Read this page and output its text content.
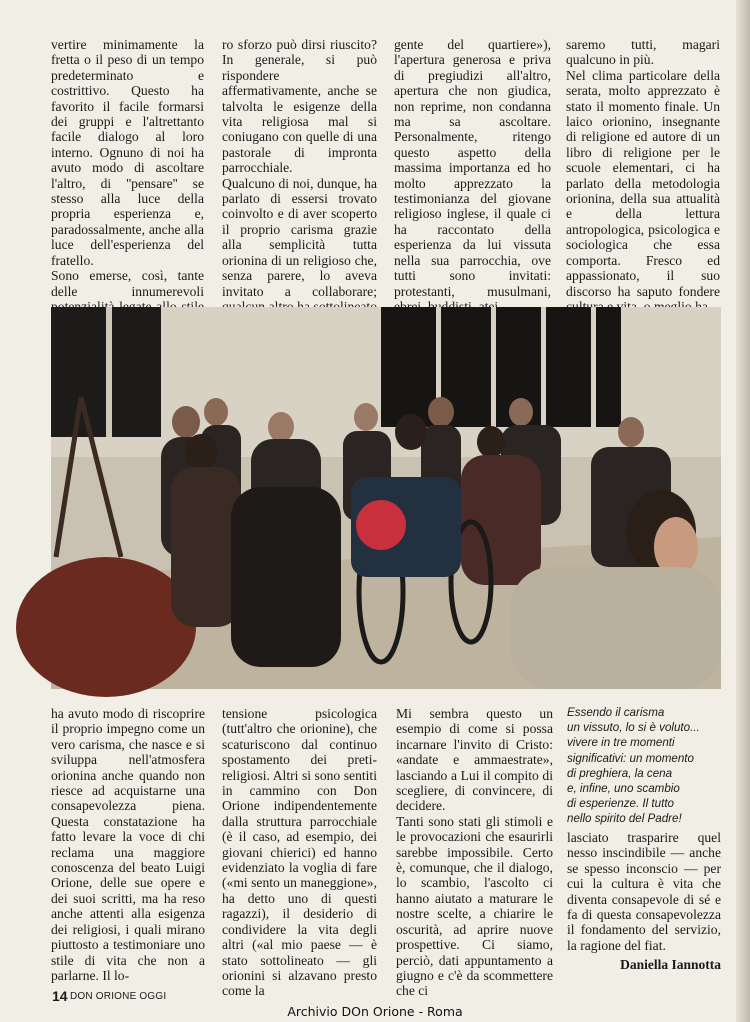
vertire minimamente la fretta o il peso di un tempo predeterminato e costrittivo. Questo ha favorito il facile formarsi dei gruppi e l'altrettanto facile dialogo al loro interno. Ognuno di noi ha avuto modo di ascoltare l'altro, di ''pensare'' se stesso alla luce della propria esperienza e, paradossalmente, anche alla luce dell'esperienza del fratello.
Sono emerse, così, tante delle innumerevoli
ro sforzo può dirsi riuscito? In generale, si può rispondere affermativamente, anche se talvolta le esigenze della vita religiosa mal si coniugano con quelle di una pastorale di impronta parrocchiale.
Qualcuno di noi, dunque, ha parlato di essersi trovato coinvolto e di aver scoperto il proprio carisma grazie alla semplicità tutta orionina di un religioso che, senza parere, lo aveva invitato a collaborare;
gente del quartiere»), l'apertura generosa e priva di pregiudizi all'altro, apertura che non giudica, non reprime, non condanna ma sa ascoltare. Personalmente, ritengo questo aspetto della massima importanza ed ho molto apprezzato la testimonianza del giovane religioso inglese, il quale ci ha raccontato della esperienza da lui vissuta nella sua parrocchia, ove tutti sono invitati: protestanti, musulmani,
saremo tutti, magari qualcuno in più.
Nel clima particolare della serata, molto apprezzato è stato il momento finale. Un laico orionino, insegnante di religione ed autore di un libro di religione per le scuole elementari, ci ha parlato della metodologia orionina, della sua attualità e della lettura antropologica, psicologica e sociologica che essa comporta. Fresco ed appassionato, il suo discorso ha saputo fondere
ha avuto modo di riscoprire il proprio impegno come un vero carisma, che nasce e si sviluppa nell'atmosfera orionina anche quando non riesce ad acquistarne una consapevolezza piena. Questa constatazione ha fatto levare la voce di chi reclama una maggiore conoscenza del beato Luigi Orione, delle sue opere e dei suoi scritti, ma ha reso anche attenti alla esigenza dei religiosi, i quali mirano piuttosto a testimoniare uno stile di vita che non a parlarne. Il lo-
tensione psicologica (tutt'altro che orionine), che scaturiscono dal continuo spostamento dei preti-religiosi. Altri si sono sentiti in cammino con Don Orione indipendentemente dalla struttura parrocchiale (è il caso, ad esempio, dei giovani chierici) ed hanno evidenziato la voglia di fare («mi sento un maneggione», ha detto uno di questi ragazzi), il desiderio di condividere la vita degli altri («al mio paese — è stato sottolineato — gli orionini si alzavano presto come la
Mi sembra questo un esempio di come si possa incarnare l'invito di Cristo: «andate e ammaestrate», lasciando a Lui il compito di scegliere, di convincere, di decidere.
Tanti sono stati gli stimoli e le provocazioni che esaurirli sarebbe impossibile. Certo è, comunque, che il dialogo, lo scambio, l'ascolto ci hanno aiutato a maturare le nostre scelte, a chiarire le oscurità, ad aprire nuove prospettive. Ci siamo, perciò, dati appuntamento a giugno e c'è da scommettere che ci
Essendo il carisma
un vissuto, lo si è voluto...
vivere in tre momenti
significativi: un momento
di preghiera, la cena
e, infine, uno scambio
di esperienze. Il tutto
nello spirito del Padre!
lasciato trasparire quel nesso inscindibile — anche se spesso inconscio — per cui la cultura è vita che diventa consapevole di sé e fa di questa consapevolezza il fondamento del servizio, la ragione del fiat.
Daniella Iannotta
14 DON ORIONE OGGI
Archivio DOn Orione - Roma
